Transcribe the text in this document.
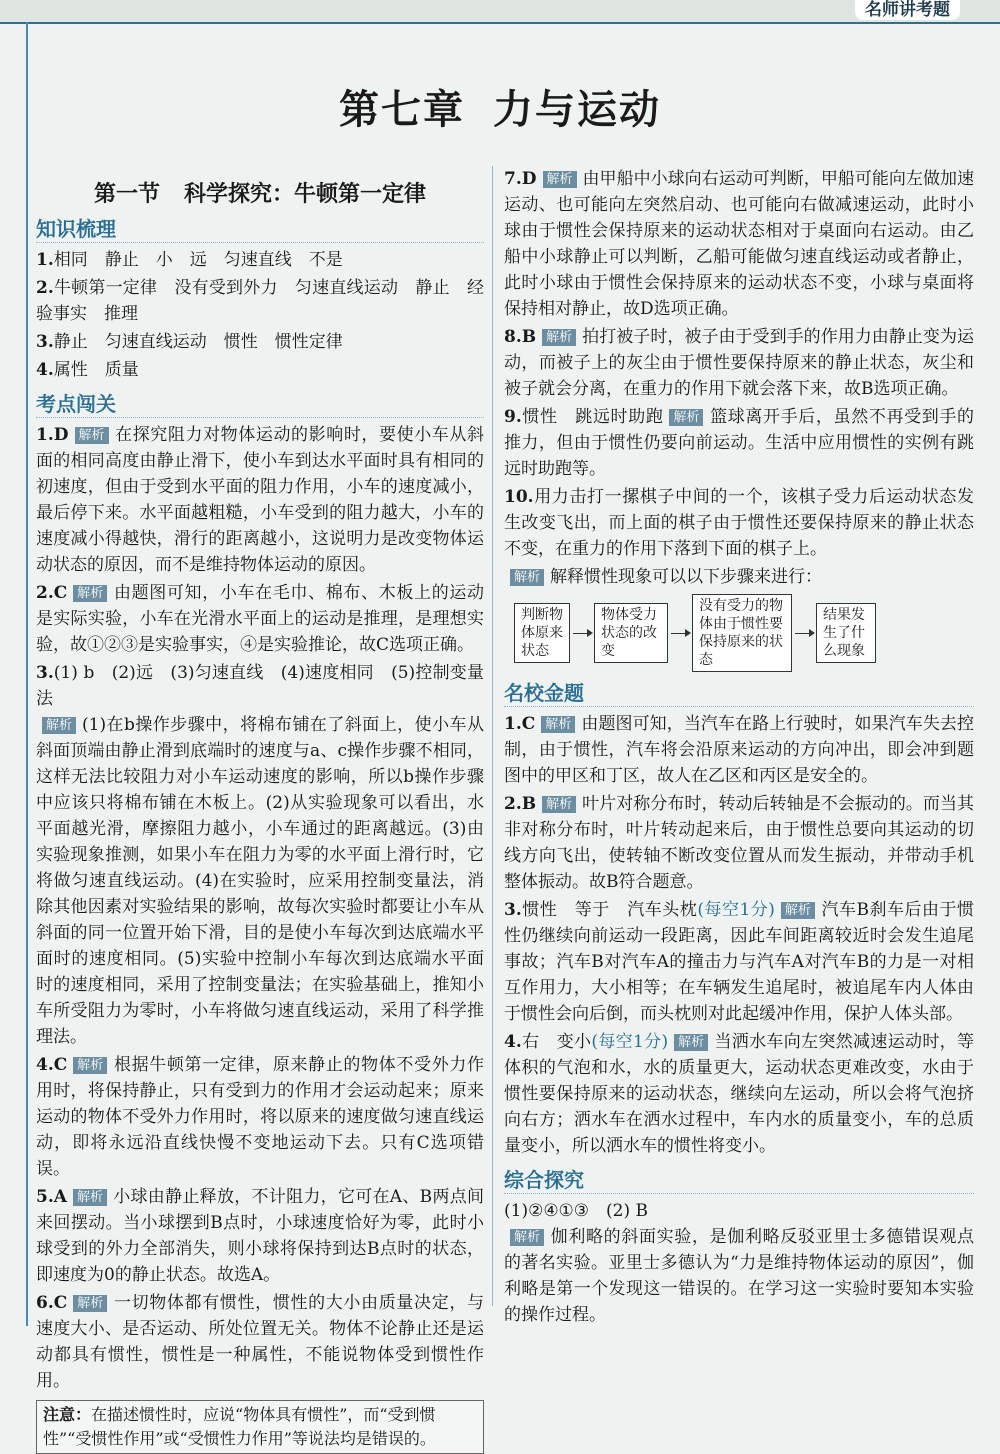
名师讲考题
第七章 力与运动
第一节 科学探究：牛顿第一定律
知识梳理
1.相同　静止　小　远　匀速直线　不是
2.牛顿第一定律　没有受到外力　匀速直线运动　静止　经验事实　推理
3.静止　匀速直线运动　惯性　惯性定律
4.属性　质量
考点闯关
1.D 解析 在探究阻力对物体运动的影响时，要使小车从斜面的相同高度由静止滑下，使小车到达水平面时具有相同的初速度，但由于受到水平面的阻力作用，小车的速度减小，最后停下来。水平面越粗糙，小车受到的阻力越大，小车的速度减小得越快，滑行的距离越小，这说明力是改变物体运动状态的原因，而不是维持物体运动的原因。
2.C 解析 由题图可知，小车在毛巾、棉布、木板上的运动是实际实验，小车在光滑水平面上的运动是推理，是理想实验，故①②③是实验事实，④是实验推论，故C选项正确。
3.(1) b　(2)远　(3)匀速直线　(4)速度相同　(5)控制变量法
解析 (1)在b操作步骤中，将棉布铺在了斜面上，使小车从斜面顶端由静止滑到底端时的速度与a、c操作步骤不相同，这样无法比较阻力对小车运动速度的影响，所以b操作步骤中应该只将棉布铺在木板上。(2)从实验现象可以看出，水平面越光滑，摩擦阻力越小，小车通过的距离越远。(3)由实验现象推测，如果小车在阻力为零的水平面上滑行时，它将做匀速直线运动。(4)在实验时，应采用控制变量法，消除其他因素对实验结果的影响，故每次实验时都要让小车从斜面的同一位置开始下滑，目的是使小车每次到达底端水平面时的速度相同。(5)实验中控制小车每次到达底端水平面时的速度相同，采用了控制变量法；在实验基础上，推知小车所受阻力为零时，小车将做匀速直线运动，采用了科学推理法。
4.C 解析 根据牛顿第一定律，原来静止的物体不受外力作用时，将保持静止，只有受到力的作用才会运动起来；原来运动的物体不受外力作用时，将以原来的速度做匀速直线运动，即将永远沿直线快慢不变地运动下去。只有C选项错误。
5.A 解析 小球由静止释放，不计阻力，它可在A、B两点间来回摆动。当小球摆到B点时，小球速度恰好为零，此时小球受到的外力全部消失，则小球将保持到达B点时的状态，即速度为0的静止状态。故选A。
6.C 解析 一切物体都有惯性，惯性的大小由质量决定，与速度大小、是否运动、所处位置无关。物体不论静止还是运动都具有惯性，惯性是一种属性，不能说物体受到惯性作用。
注意：在描述惯性时，应说“物体具有惯性”，而“受到惯性”“受惯性作用”或“受惯性力作用”等说法均是错误的。
7.D 解析 由甲船中小球向右运动可判断，甲船可能向左做加速运动、也可能向左突然启动、也可能向右做减速运动，此时小球由于惯性会保持原来的运动状态相对于桌面向右运动。由乙船中小球静止可以判断，乙船可能做匀速直线运动或者静止，此时小球由于惯性会保持原来的运动状态不变，小球与桌面将保持相对静止，故D选项正确。
8.B 解析 拍打被子时，被子由于受到手的作用力由静止变为运动，而被子上的灰尘由于惯性要保持原来的静止状态，灰尘和被子就会分离，在重力的作用下就会落下来，故B选项正确。
9.惯性　跳远时助跑 解析 篮球离开手后，虽然不再受到手的推力，但由于惯性仍要向前运动。生活中应用惯性的实例有跳远时助跑等。
10.用力击打一摞棋子中间的一个，该棋子受力后运动状态发生改变飞出，而上面的棋子由于惯性还要保持原来的静止状态不变，在重力的作用下落到下面的棋子上。
解析 解释惯性现象可以以下步骤来进行：
判断物体原来状态
物体受力状态的改变
没有受力的物体由于惯性要保持原来的状态
结果发生了什么现象
名校金题
1.C 解析 由题图可知，当汽车在路上行驶时，如果汽车失去控制，由于惯性，汽车将会沿原来运动的方向冲出，即会冲到题图中的甲区和丁区，故人在乙区和丙区是安全的。
2.B 解析 叶片对称分布时，转动后转轴是不会振动的。而当其非对称分布时，叶片转动起来后，由于惯性总要向其运动的切线方向飞出，使转轴不断改变位置从而发生振动，并带动手机整体振动。故B符合题意。
3.惯性　等于　汽车头枕(每空1分) 解析 汽车B刹车后由于惯性仍继续向前运动一段距离，因此车间距离较近时会发生追尾事故；汽车B对汽车A的撞击力与汽车A对汽车B的力是一对相互作用力，大小相等；在车辆发生追尾时，被追尾车内人体由于惯性会向后倒，而头枕则对此起缓冲作用，保护人体头部。
4.右　变小(每空1分) 解析 当洒水车向左突然减速运动时，等体积的气泡和水，水的质量更大，运动状态更难改变，水由于惯性要保持原来的运动状态，继续向左运动，所以会将气泡挤向右方；洒水车在洒水过程中，车内水的质量变小，车的总质量变小，所以洒水车的惯性将变小。
综合探究
(1)②④①③　(2) B
解析 伽利略的斜面实验，是伽利略反驳亚里士多德错误观点的著名实验。亚里士多德认为“力是维持物体运动的原因”，伽利略是第一个发现这一错误的。在学习这一实验时要知本实验的操作过程。
